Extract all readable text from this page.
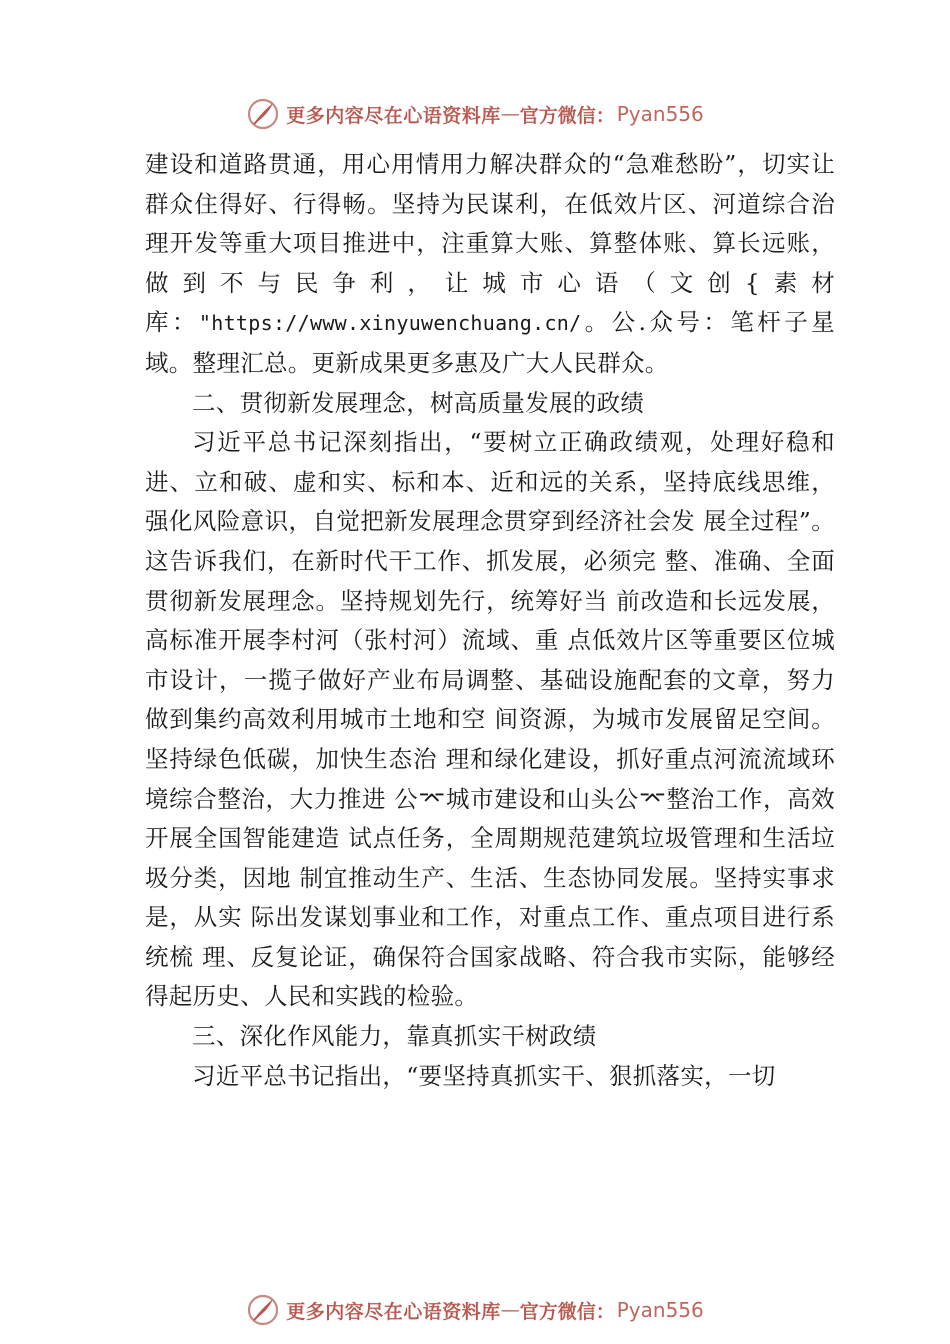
更多内容尽在心语资料库 — 官方微信： Pyan556

建设和道路贯通，用心用情用力解决群众的“急难愁盼”，切实让群众住得好、行得畅。坚持为民谋利，在低效片区、河道综合治理开发等重大项目推进中，注重算大账、算整体账、算长远账，做到不与民争利，让城市心语（文创{素材库："https://www.xinyuwenchuang.cn/。公.众号：笔杆子星域。整理汇总。更新成果更多惠及广大人民群众。

二、贯彻新发展理念，树高质量发展的政绩

习近平总书记深刻指出，“要树立正确政绩观，处理好稳和进、立和破、虚和实、标和本、近和远的关系，坚持底线思维，强化风险意识，自觉把新发展理念贯穿到经济社会发 展全过程”。这告诉我们，在新时代干工作、抓发展，必须完 整、准确、全面贯彻新发展理念。坚持规划先行，统筹好当 前改造和长远发展，高标准开展李村河（张村河）流域、重 点低效片区等重要区位城市设计，一揽子做好产业布局调整、基础设施配套的文章，努力做到集约高效利用城市土地和空 间资源，为城市发展留足空间。坚持绿色低碳，加快生态治 理和绿化建设，抓好重点河流流域环境综合整治，大力推进 公⌤城市建设和山头公⌤整治工作，高效开展全国智能建造 试点任务，全周期规范建筑垃圾管理和生活垃圾分类，因地 制宜推动生产、生活、生态协同发展。坚持实事求是，从实 际出发谋划事业和工作，对重点工作、重点项目进行系统梳 理、反复论证，确保符合国家战略、符合我市实际，能够经得起历史、人民和实践的检验。

三、深化作风能力，靠真抓实干树政绩

习近平总书记指出，“要坚持真抓实干、狠抓落实，一切

更多内容尽在心语资料库 — 官方微信： Pyan556
